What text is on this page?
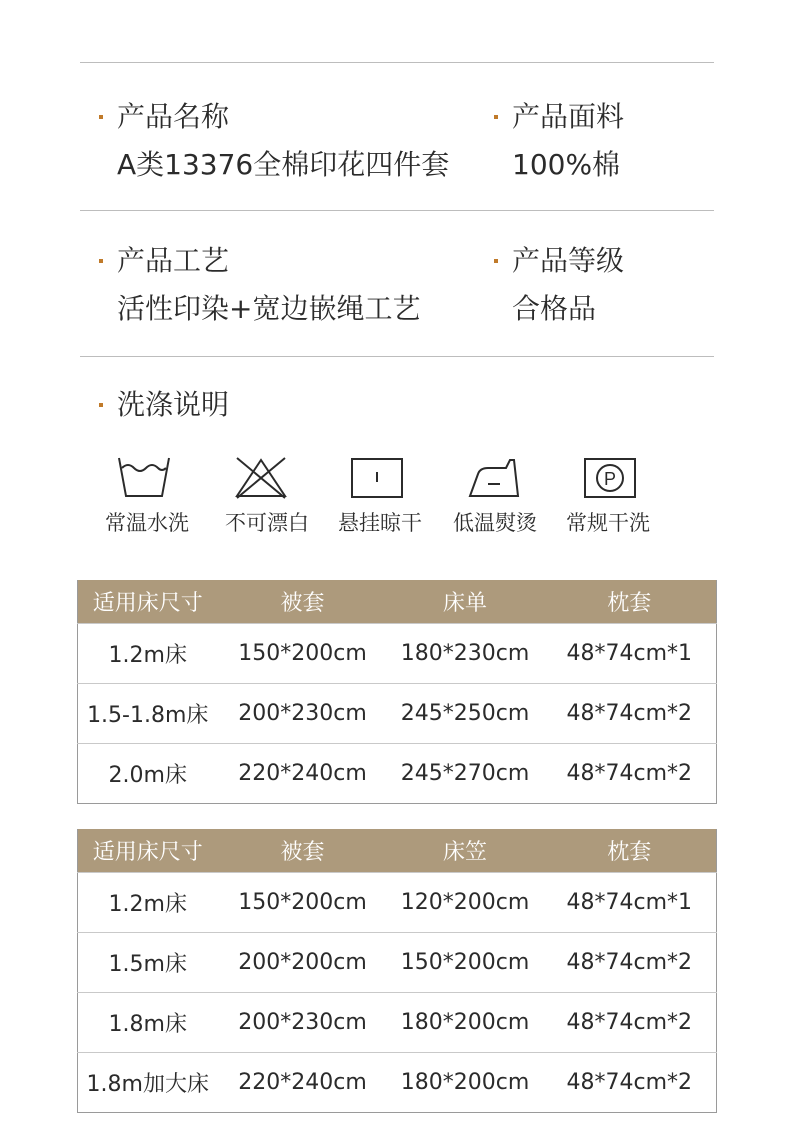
产品名称
A类13376全棉印花四件套
产品面料
100%棉
产品工艺
活性印染+宽边嵌绳工艺
产品等级
合格品
洗涤说明
P
常温水洗	不可漂白	悬挂晾干	低温熨烫	常规干洗
适用床尺寸	被套	床单	枕套
1.2m床	150*200cm	180*230cm	48*74cm*1
1.5-1.8m床	200*230cm	245*250cm	48*74cm*2
2.0m床	220*240cm	245*270cm	48*74cm*2
适用床尺寸	被套	床笠	枕套
1.2m床	150*200cm	120*200cm	48*74cm*1
1.5m床	200*200cm	150*200cm	48*74cm*2
1.8m床	200*230cm	180*200cm	48*74cm*2
1.8m加大床	220*240cm	180*200cm	48*74cm*2
